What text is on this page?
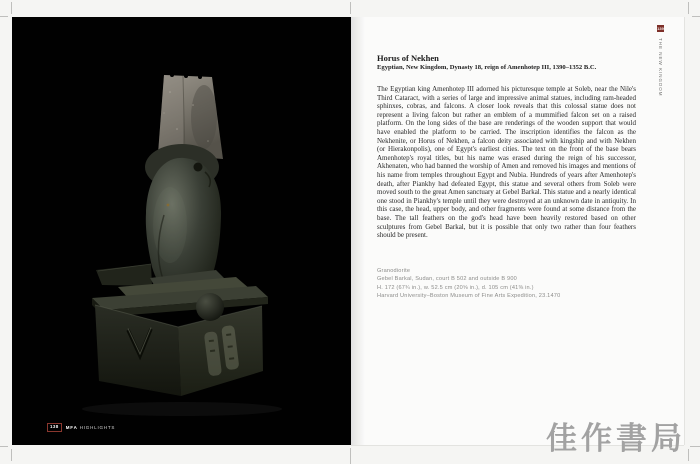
Horus of Nekhen
Egyptian, New Kingdom, Dynasty 18, reign of Amenhotep III, 1390–1352 B.C.
The Egyptian king Amenhotep III adorned his picturesque temple at Soleb, near the Nile's Third Cataract, with a series of large and impressive animal statues, including ram-headed sphinxes, cobras, and falcons. A closer look reveals that this colossal statue does not represent a living falcon but rather an emblem of a mummified falcon set on a raised platform. On the long sides of the base are renderings of the wooden support that would have enabled the platform to be carried. The inscription identifies the falcon as the Nekhenite, or Horus of Nekhen, a falcon deity associated with kingship and with Nekhen (or Hierakonpolis), one of Egypt's earliest cities. The text on the front of the base bears Amenhotep's royal titles, but his name was erased during the reign of his successor, Akhenaten, who had banned the worship of Amen and removed his images and mentions of his name from temples throughout Egypt and Nubia. Hundreds of years after Amenhotep's death, after Piankhy had defeated Egypt, this statue and several others from Soleb were moved south to the great Amen sanctuary at Gebel Barkal. This statue and a nearly identical one stood in Piankhy's temple until they were destroyed at an unknown date in antiquity. In this case, the head, upper body, and other fragments were found at some distance from the base. The tall feathers on the god's head have been heavily restored based on other sculptures from Gebel Barkal, but it is possible that only two rather than four feathers should be present.
Granodiorite
Gebel Barkal, Sudan, court B 502 and outside B 900
H. 172 (67¾ in.), w. 52.5 cm (20⅝ in.), d. 105 cm (41⅜ in.)
Harvard University–Boston Museum of Fine Arts Expedition, 23.1470
139
THE NEW KINGDOM
138	MFA HIGHLIGHTS	佳作書局
